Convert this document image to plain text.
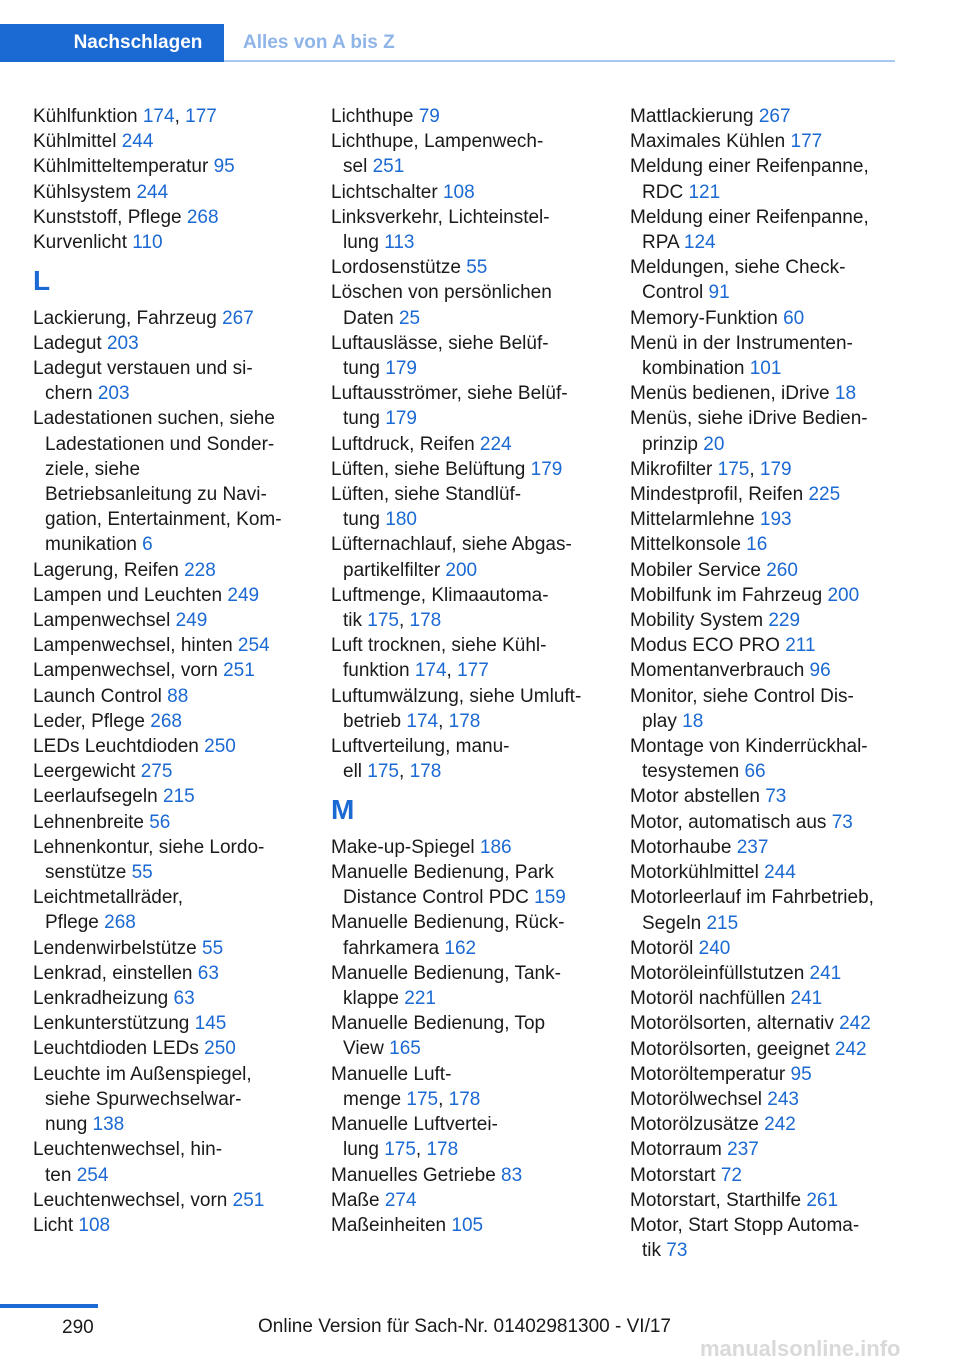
Nachschlagen	Alles von A bis Z
Kühlfunktion 174, 177
Kühlmittel 244
Kühlmitteltemperatur 95
Kühlsystem 244
Kunststoff, Pflege 268
Kurvenlicht 110
L
Lackierung, Fahrzeug 267
Ladegut 203
Ladegut verstauen und si-
chern 203
Ladestationen suchen, siehe
Ladestationen und Sonder-
ziele, siehe
Betriebsanleitung zu Navi-
gation, Entertainment, Kom-
munikation 6
Lagerung, Reifen 228
Lampen und Leuchten 249
Lampenwechsel 249
Lampenwechsel, hinten 254
Lampenwechsel, vorn 251
Launch Control 88
Leder, Pflege 268
LEDs Leuchtdioden 250
Leergewicht 275
Leerlaufsegeln 215
Lehnenbreite 56
Lehnenkontur, siehe Lordo-
senstütze 55
Leichtmetallräder,
Pflege 268
Lendenwirbelstütze 55
Lenkrad, einstellen 63
Lenkradheizung 63
Lenkunterstützung 145
Leuchtdioden LEDs 250
Leuchte im Außenspiegel,
siehe Spurwechselwar-
nung 138
Leuchtenwechsel, hin-
ten 254
Leuchtenwechsel, vorn 251
Licht 108
Lichthupe 79
Lichthupe, Lampenwech-
sel 251
Lichtschalter 108
Linksverkehr, Lichteinstel-
lung 113
Lordosenstütze 55
Löschen von persönlichen
Daten 25
Luftauslässe, siehe Belüf-
tung 179
Luftausströmer, siehe Belüf-
tung 179
Luftdruck, Reifen 224
Lüften, siehe Belüftung 179
Lüften, siehe Standlüf-
tung 180
Lüfternachlauf, siehe Abgas-
partikelfilter 200
Luftmenge, Klimaautoma-
tik 175, 178
Luft trocknen, siehe Kühl-
funktion 174, 177
Luftumwälzung, siehe Umluft-
betrieb 174, 178
Luftverteilung, manu-
ell 175, 178
M
Make-up-Spiegel 186
Manuelle Bedienung, Park
Distance Control PDC 159
Manuelle Bedienung, Rück-
fahrkamera 162
Manuelle Bedienung, Tank-
klappe 221
Manuelle Bedienung, Top
View 165
Manuelle Luft-
menge 175, 178
Manuelle Luftvertei-
lung 175, 178
Manuelles Getriebe 83
Maße 274
Maßeinheiten 105
Mattlackierung 267
Maximales Kühlen 177
Meldung einer Reifenpanne,
RDC 121
Meldung einer Reifenpanne,
RPA 124
Meldungen, siehe Check-
Control 91
Memory-Funktion 60
Menü in der Instrumenten-
kombination 101
Menüs bedienen, iDrive 18
Menüs, siehe iDrive Bedien-
prinzip 20
Mikrofilter 175, 179
Mindestprofil, Reifen 225
Mittelarmlehne 193
Mittelkonsole 16
Mobiler Service 260
Mobilfunk im Fahrzeug 200
Mobility System 229
Modus ECO PRO 211
Momentanverbrauch 96
Monitor, siehe Control Dis-
play 18
Montage von Kinderrückhal-
tesystemen 66
Motor abstellen 73
Motor, automatisch aus 73
Motorhaube 237
Motorkühlmittel 244
Motorleerlauf im Fahrbetrieb,
Segeln 215
Motoröl 240
Motoröleinfüllstutzen 241
Motoröl nachfüllen 241
Motorölsorten, alternativ 242
Motorölsorten, geeignet 242
Motoröltemperatur 95
Motorölwechsel 243
Motorölzusätze 242
Motorraum 237
Motorstart 72
Motorstart, Starthilfe 261
Motor, Start Stopp Automa-
tik 73
290	Online Version für Sach-Nr. 01402981300 - VI/17
manualsonline.info
